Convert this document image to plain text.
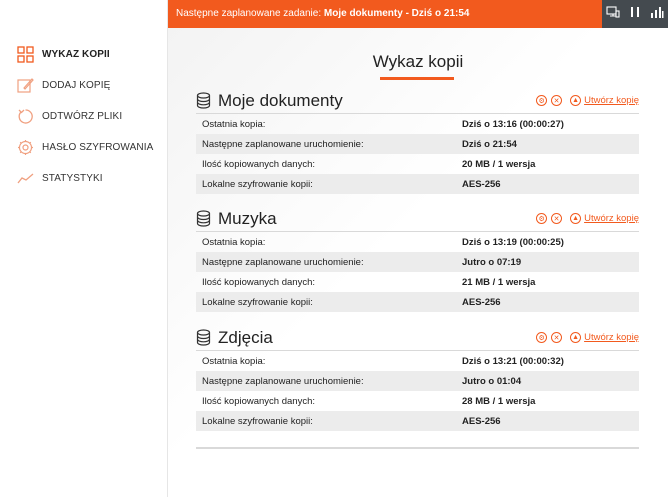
WYKAZ KOPII
DODAJ KOPIĘ
ODTWÓRZ PLIKI
HASŁO SZYFROWANIA
STATYSTYKI
Następne zaplanowane zadanie: Moje dokumenty - Dziś o 21:54
Wykaz kopii
Moje dokumenty	⚙	✕	▲ Utwórz kopię
Ostatnia kopia:	Dziś o 13:16 (00:00:27)
Następne zaplanowane uruchomienie:	Dziś o 21:54
Ilość kopiowanych danych:	20 MB / 1 wersja
Lokalne szyfrowanie kopii:	AES-256
Muzyka	⚙	✕	▲ Utwórz kopię
Ostatnia kopia:	Dziś o 13:19 (00:00:25)
Następne zaplanowane uruchomienie:	Jutro o 07:19
Ilość kopiowanych danych:	21 MB / 1 wersja
Lokalne szyfrowanie kopii:	AES-256
Zdjęcia	⚙	✕	▲ Utwórz kopię
Ostatnia kopia:	Dziś o 13:21 (00:00:32)
Następne zaplanowane uruchomienie:	Jutro o 01:04
Ilość kopiowanych danych:	28 MB / 1 wersja
Lokalne szyfrowanie kopii:	AES-256
